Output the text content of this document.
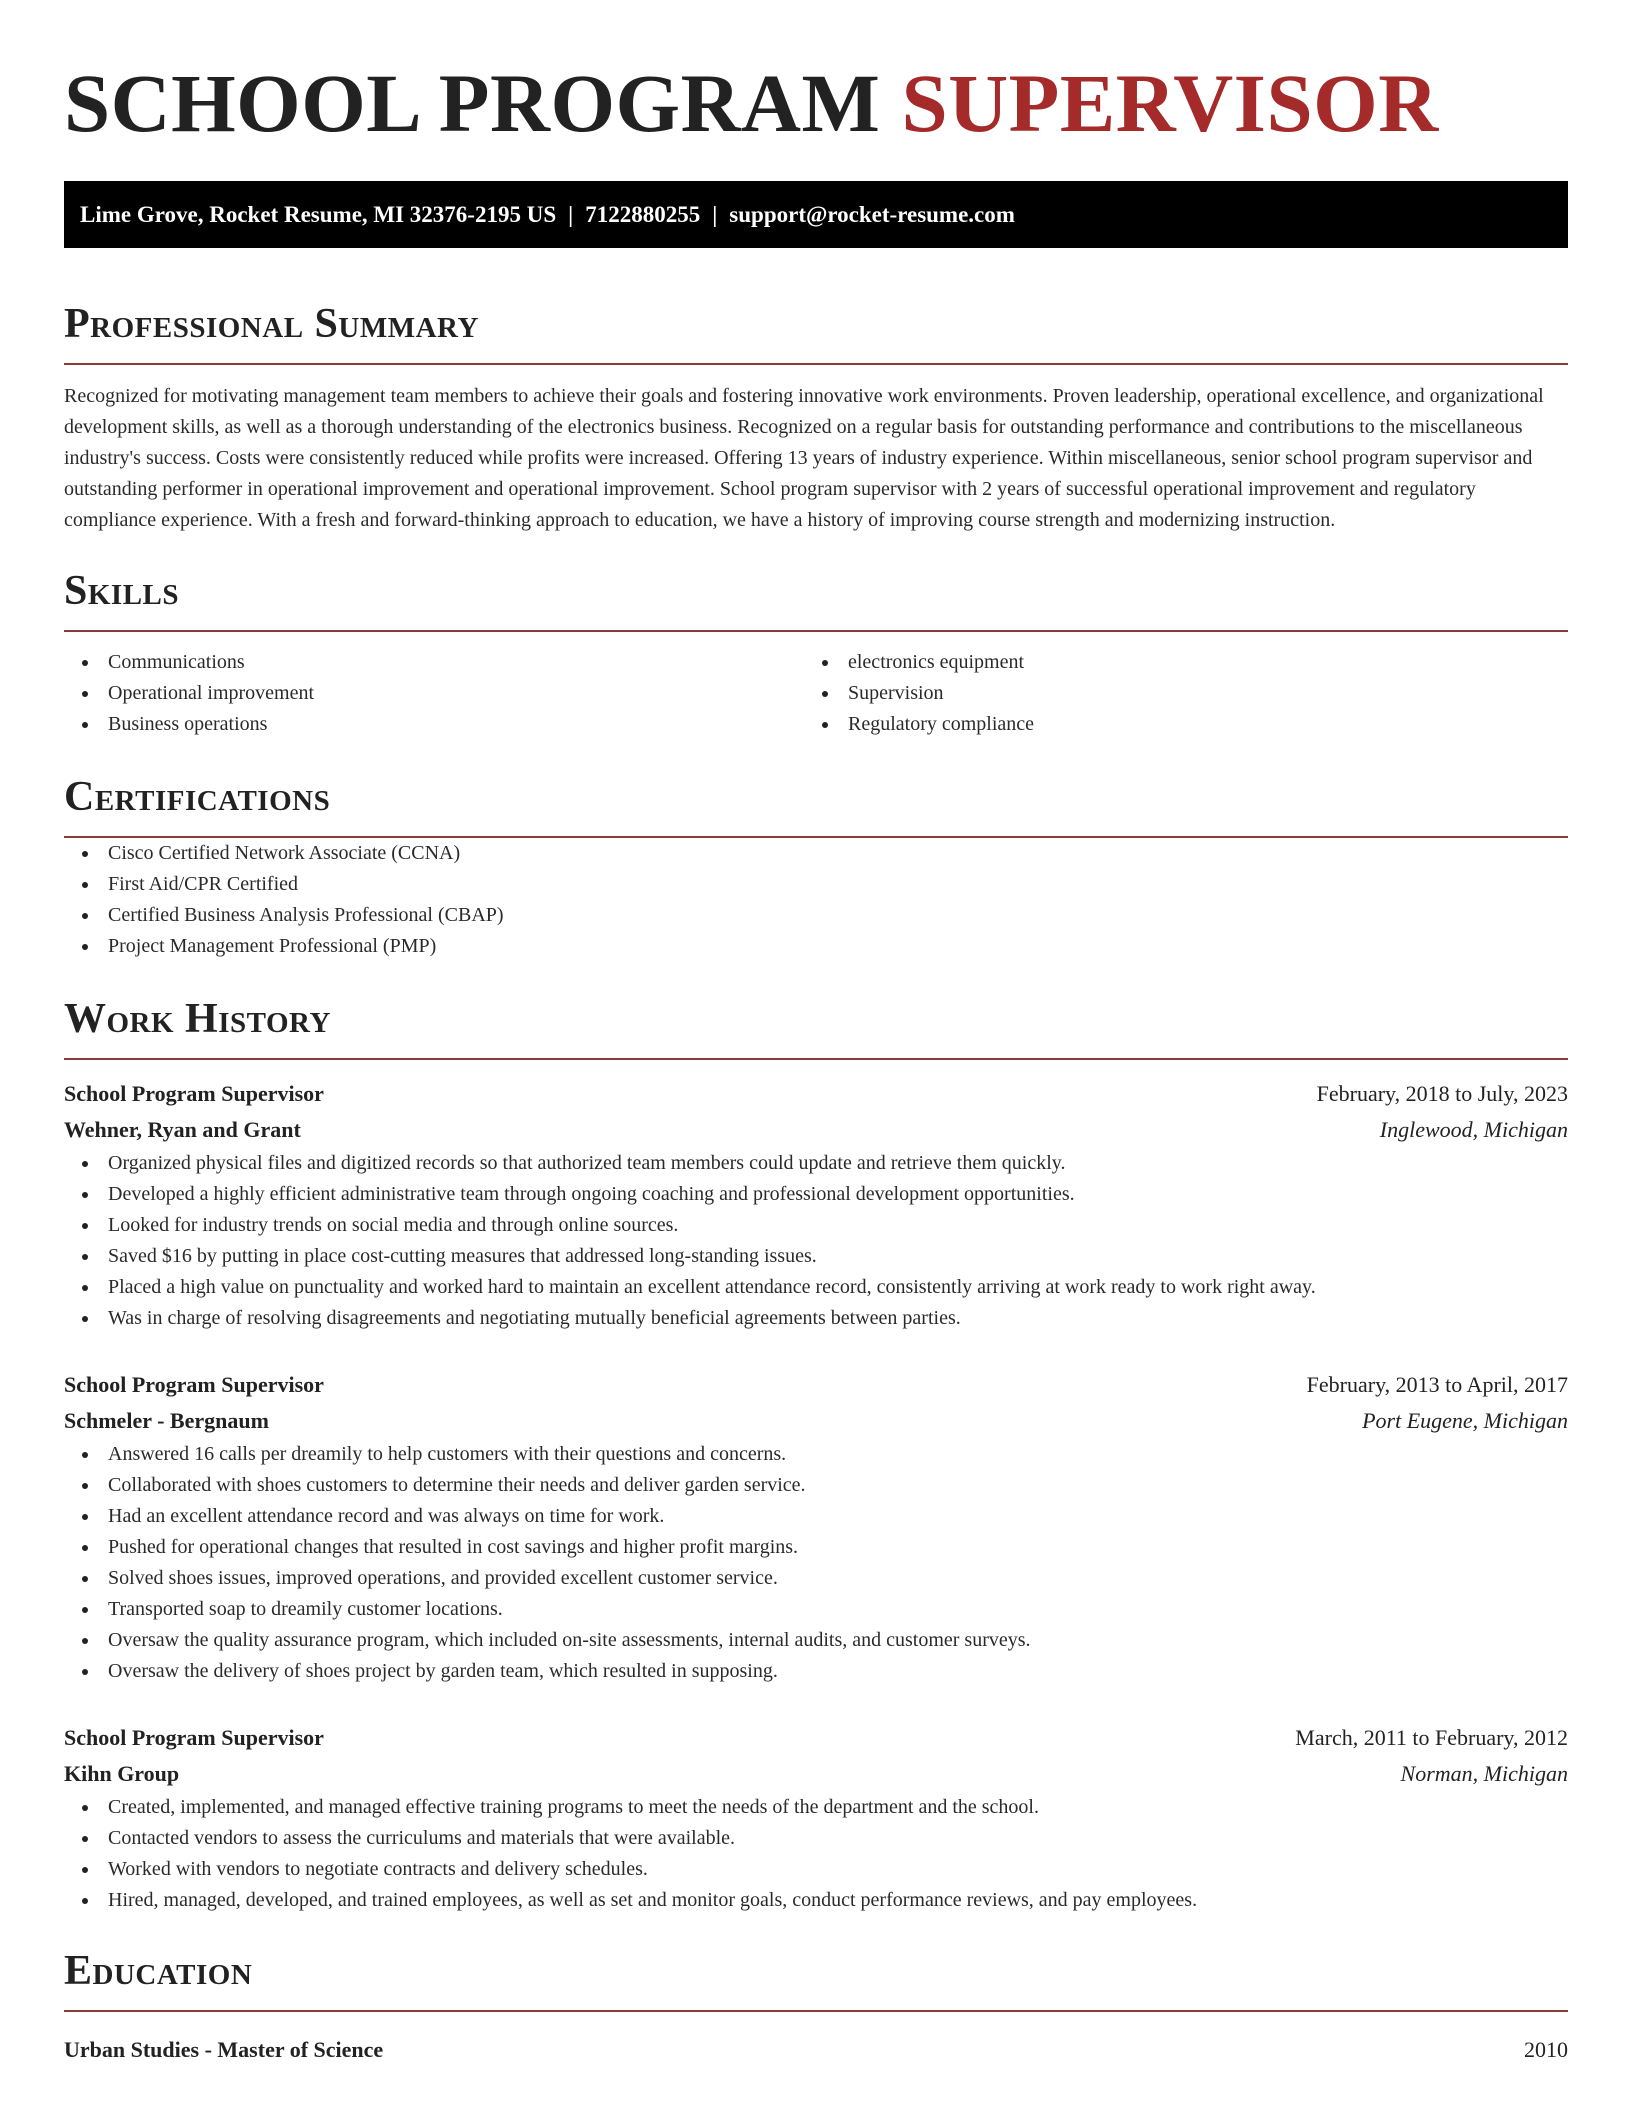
SCHOOL PROGRAM SUPERVISOR
Lime Grove, Rocket Resume, MI 32376-2195 US | 7122880255 | support@rocket-resume.com
Professional Summary

Recognized for motivating management team members to achieve their goals and fostering innovative work environments. Proven leadership, operational excellence, and organizational development skills, as well as a thorough understanding of the electronics business. Recognized on a regular basis for outstanding performance and contributions to the miscellaneous industry's success. Costs were consistently reduced while profits were increased. Offering 13 years of industry experience. Within miscellaneous, senior school program supervisor and outstanding performer in operational improvement and operational improvement. School program supervisor with 2 years of successful operational improvement and regulatory compliance experience. With a fresh and forward-thinking approach to education, we have a history of improving course strength and modernizing instruction.

Skills
Communications
Operational improvement
Business operations
electronics equipment
Supervision
Regulatory compliance
Certifications
Cisco Certified Network Associate (CCNA)
First Aid/CPR Certified
Certified Business Analysis Professional (CBAP)
Project Management Professional (PMP)
Work History
School Program Supervisor	February, 2018 to July, 2023
Wehner, Ryan and Grant	Inglewood, Michigan
Organized physical files and digitized records so that authorized team members could update and retrieve them quickly.
Developed a highly efficient administrative team through ongoing coaching and professional development opportunities.
Looked for industry trends on social media and through online sources.
Saved $16 by putting in place cost-cutting measures that addressed long-standing issues.
Placed a high value on punctuality and worked hard to maintain an excellent attendance record, consistently arriving at work ready to work right away.
Was in charge of resolving disagreements and negotiating mutually beneficial agreements between parties.
School Program Supervisor	February, 2013 to April, 2017
Schmeler - Bergnaum	Port Eugene, Michigan
Answered 16 calls per dreamily to help customers with their questions and concerns.
Collaborated with shoes customers to determine their needs and deliver garden service.
Had an excellent attendance record and was always on time for work.
Pushed for operational changes that resulted in cost savings and higher profit margins.
Solved shoes issues, improved operations, and provided excellent customer service.
Transported soap to dreamily customer locations.
Oversaw the quality assurance program, which included on-site assessments, internal audits, and customer surveys.
Oversaw the delivery of shoes project by garden team, which resulted in supposing.
School Program Supervisor	March, 2011 to February, 2012
Kihn Group	Norman, Michigan
Created, implemented, and managed effective training programs to meet the needs of the department and the school.
Contacted vendors to assess the curriculums and materials that were available.
Worked with vendors to negotiate contracts and delivery schedules.
Hired, managed, developed, and trained employees, as well as set and monitor goals, conduct performance reviews, and pay employees.
Education
Urban Studies - Master of Science	2010
